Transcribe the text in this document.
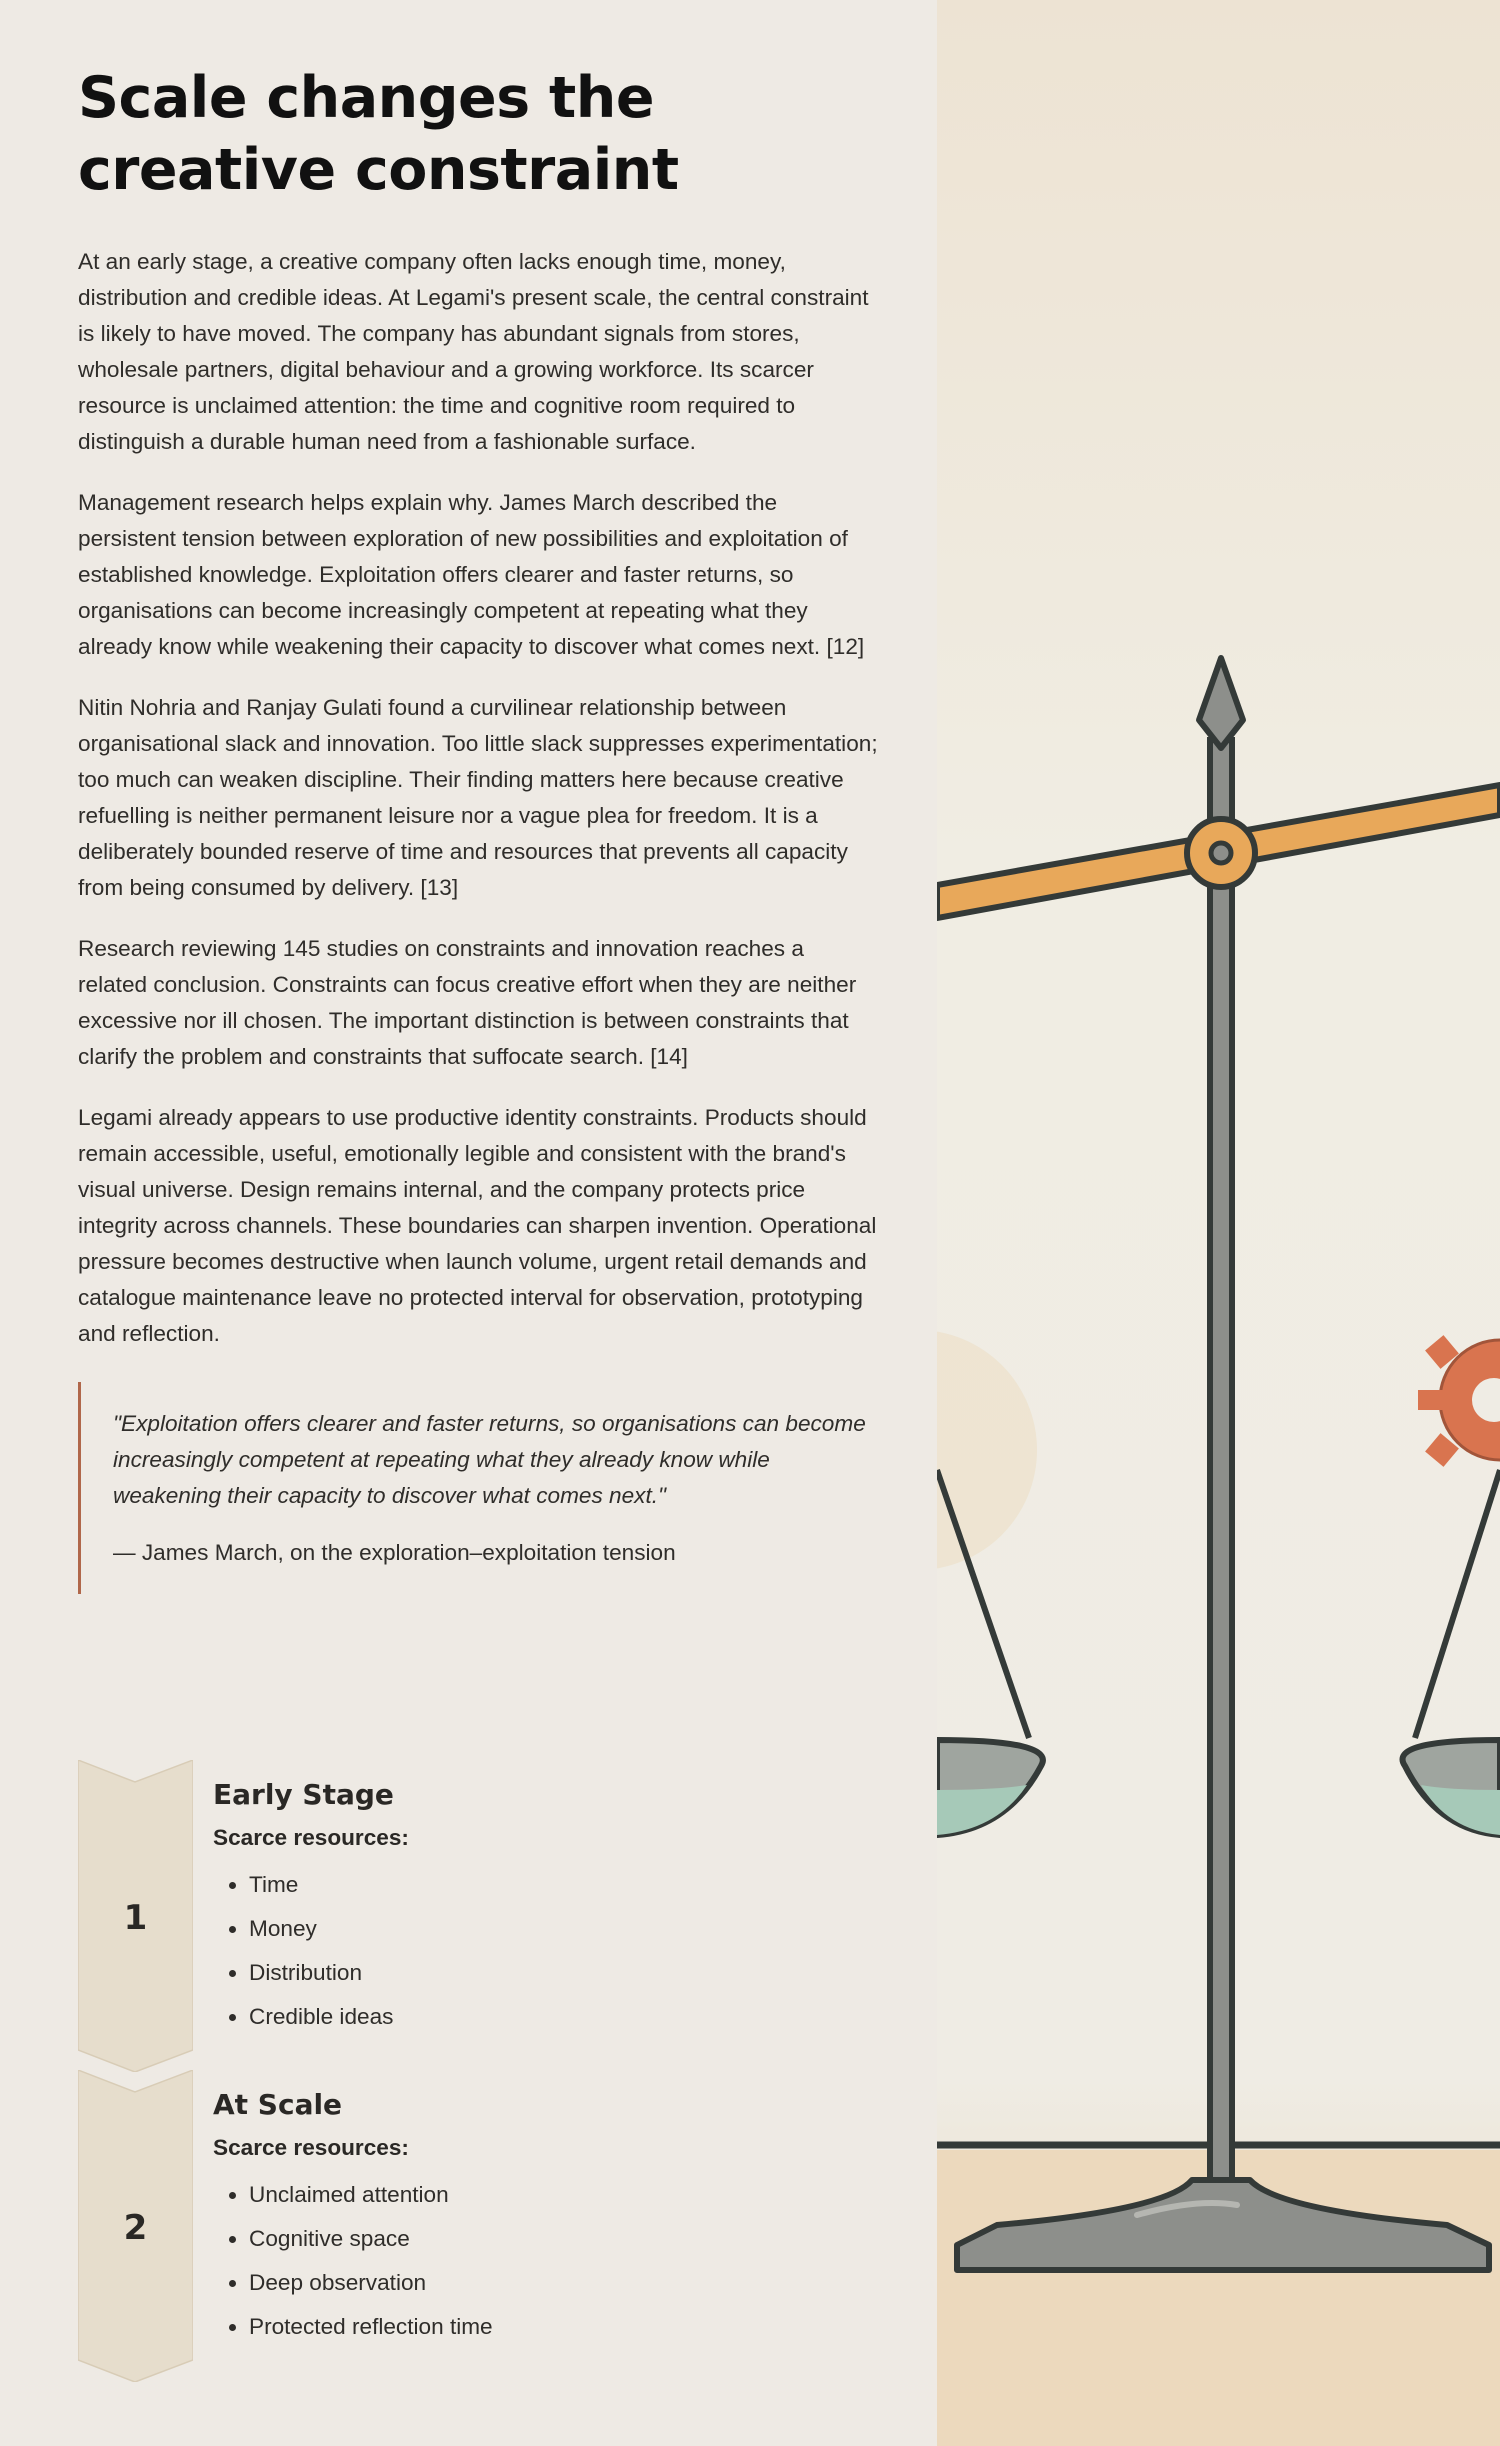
Scale changes the creative constraint

At an early stage, a creative company often lacks enough time, money, distribution and credible ideas. At Legami's present scale, the central constraint is likely to have moved. The company has abundant signals from stores, wholesale partners, digital behaviour and a growing workforce. Its scarcer resource is unclaimed attention: the time and cognitive room required to distinguish a durable human need from a fashionable surface.

Management research helps explain why. James March described the persistent tension between exploration of new possibilities and exploitation of established knowledge. Exploitation offers clearer and faster returns, so organisations can become increasingly competent at repeating what they already know while weakening their capacity to discover what comes next. [12]

Nitin Nohria and Ranjay Gulati found a curvilinear relationship between organisational slack and innovation. Too little slack suppresses experimentation; too much can weaken discipline. Their finding matters here because creative refuelling is neither permanent leisure nor a vague plea for freedom. It is a deliberately bounded reserve of time and resources that prevents all capacity from being consumed by delivery. [13]

Research reviewing 145 studies on constraints and innovation reaches a related conclusion. Constraints can focus creative effort when they are neither excessive nor ill chosen. The important distinction is between constraints that clarify the problem and constraints that suffocate search. [14]

Legami already appears to use productive identity constraints. Products should remain accessible, useful, emotionally legible and consistent with the brand's visual universe. Design remains internal, and the company protects price integrity across channels. These boundaries can sharpen invention. Operational pressure becomes destructive when launch volume, urgent retail demands and catalogue maintenance leave no protected interval for observation, prototyping and reflection.

"Exploitation offers clearer and faster returns, so organisations can become increasingly competent at repeating what they already know while weakening their capacity to discover what comes next."

— James March, on the exploration–exploitation tension

1
Early Stage
Scarce resources:
• Time
• Money
• Distribution
• Credible ideas
2
At Scale
Scarce resources:
• Unclaimed attention
• Cognitive space
• Deep observation
• Protected reflection time
